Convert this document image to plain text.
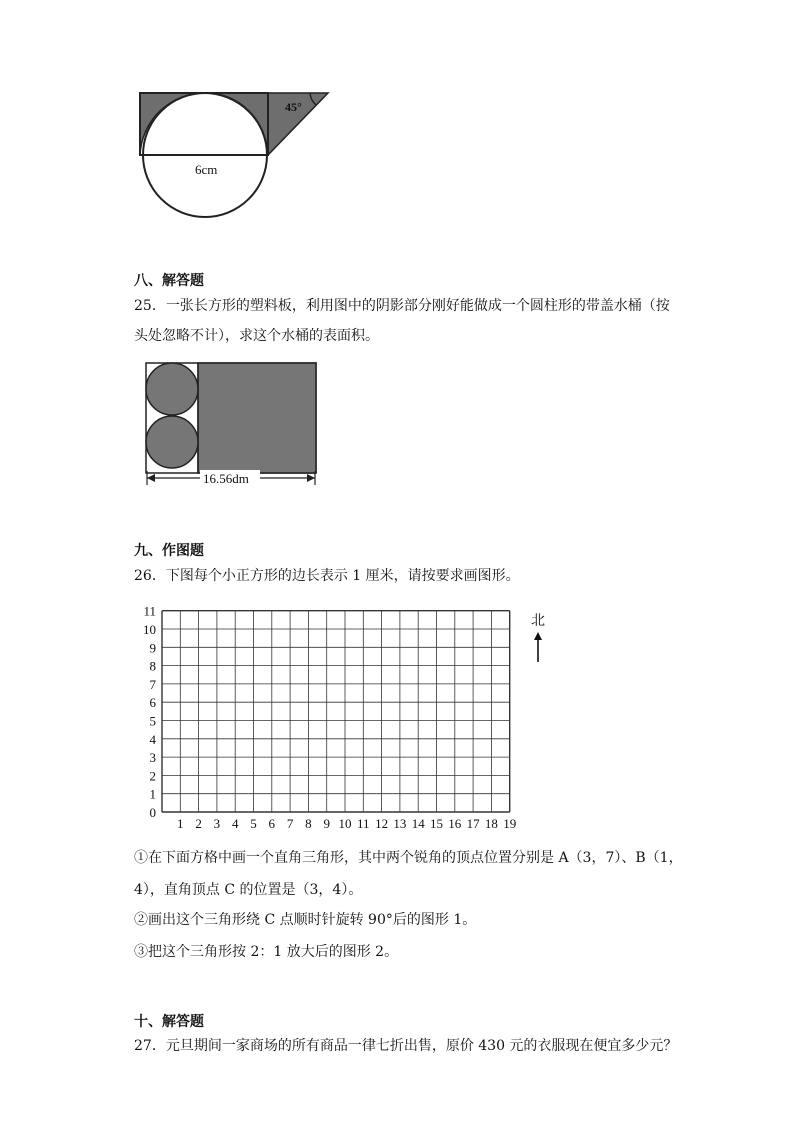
45°
6cm
八、解答题
25．一张长方形的塑料板，利用图中的阴影部分刚好能做成一个圆柱形的带盖水桶（按
头处忽略不计），求这个水桶的表面积。
16.56dm
九、作图题
26．下图每个小正方形的边长表示 1 厘米，请按要求画图形。
0
1
2
3
4
5
6
7
8
9
10
11
1 2 3 4 5 6 7 8 9 10 11 12 13 14 15 16 17 18 19
北
①在下面方格中画一个直角三角形，其中两个锐角的顶点位置分别是 A（3，7）、B（1，
4），直角顶点 C 的位置是（3，4）。
②画出这个三角形绕 C 点顺时针旋转 90°后的图形 1。
③把这个三角形按 2：1 放大后的图形 2。
十、解答题
27．元旦期间一家商场的所有商品一律七折出售，原价 430 元的衣服现在便宜多少元？
